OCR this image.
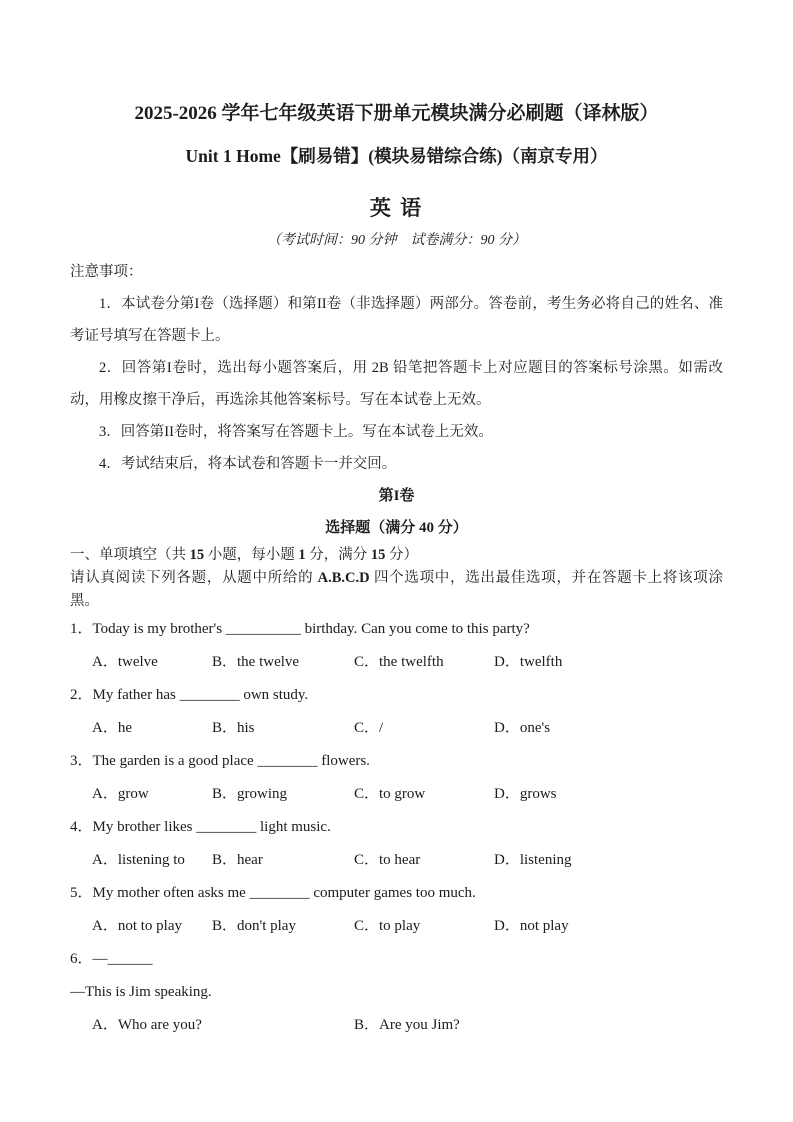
2025-2026 学年七年级英语下册单元模块满分必刷题（译林版）
Unit 1 Home【刷易错】(模块易错综合练)（南京专用）
英 语
（考试时间：90 分钟　试卷满分：90 分）
注意事项：

1．本试卷分第I卷（选择题）和第II卷（非选择题）两部分。答卷前，考生务必将自己的姓名、准考证号填写在答题卡上。

2．回答第I卷时，选出每小题答案后，用 2B 铅笔把答题卡上对应题目的答案标号涂黑。如需改动，用橡皮擦干净后，再选涂其他答案标号。写在本试卷上无效。

3．回答第II卷时，将答案写在答题卡上。写在本试卷上无效。

4．考试结束后，将本试卷和答题卡一并交回。

第I卷
选择题（满分 40 分）

一、单项填空（共 15 小题，每小题 1 分，满分 15 分）

请认真阅读下列各题，从题中所给的 A.B.C.D 四个选项中，选出最佳选项，并在答题卡上将该项涂黑。

1．Today is my brother's __________ birthday. Can you come to this party?

A．twelve	B．the twelve	C．the twelfth	D．twelfth

2．My father has ________ own study.

A．he	B．his	C．/	D．one's

3．The garden is a good place ________ flowers.

A．grow	B．growing	C．to grow	D．grows

4．My brother likes ________ light music.

A．listening to	B．hear	C．to hear	D．listening

5．My mother often asks me ________ computer games too much.

A．not to play	B．don't play	C．to play	D．not play

6．—______

—This is Jim speaking.

A．Who are you?	B．Are you Jim?
